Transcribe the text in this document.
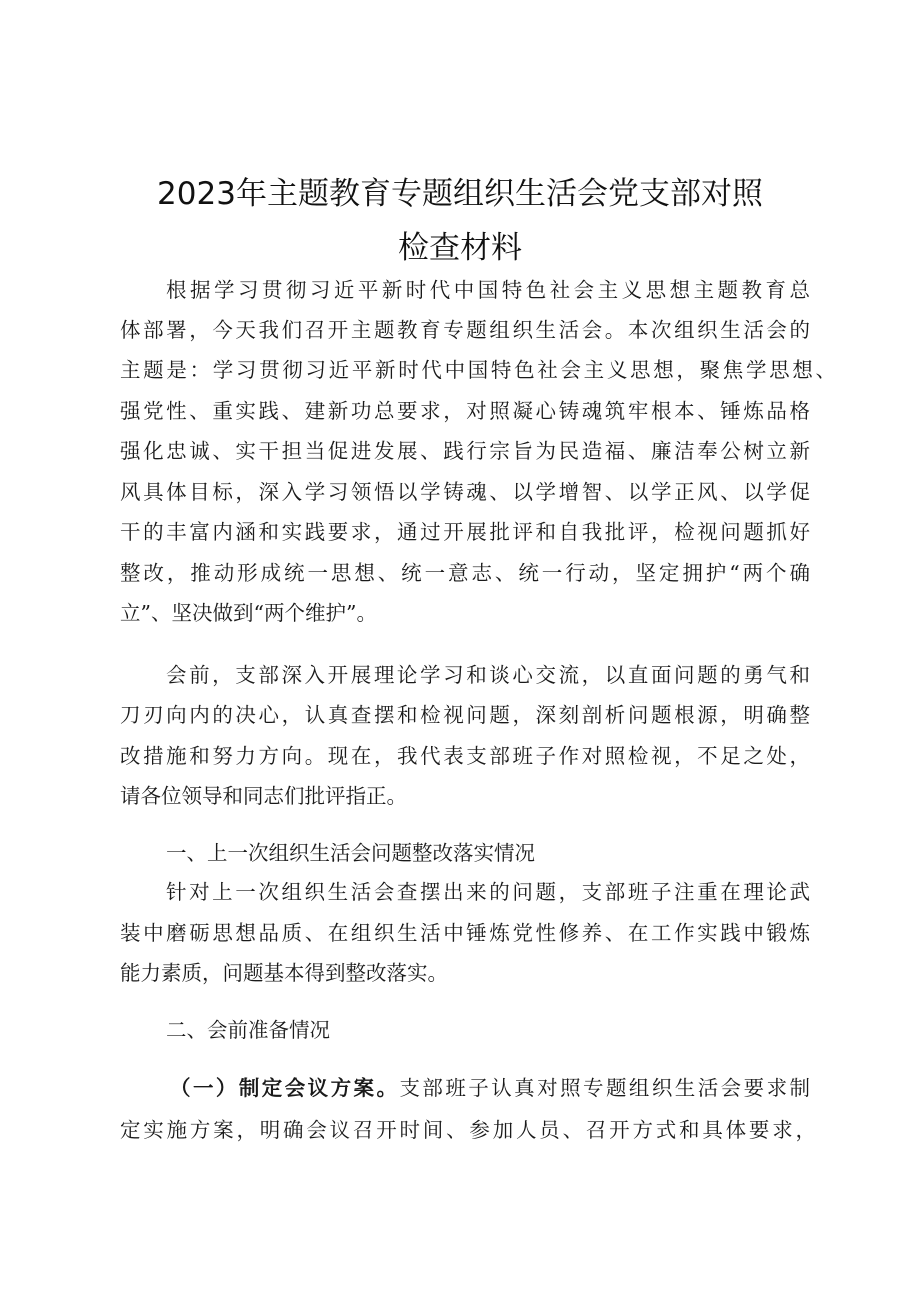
2023年主题教育专题组织生活会党支部对照
检查材料
根据学习贯彻习近平新时代中国特色社会主义思想主题教育总
体部署，今天我们召开主题教育专题组织生活会。本次组织生活会的
主题是：学习贯彻习近平新时代中国特色社会主义思想，聚焦学思想、
强党性、重实践、建新功总要求，对照凝心铸魂筑牢根本、锤炼品格
强化忠诚、实干担当促进发展、践行宗旨为民造福、廉洁奉公树立新
风具体目标，深入学习领悟以学铸魂、以学增智、以学正风、以学促
干的丰富内涵和实践要求，通过开展批评和自我批评，检视问题抓好
整改，推动形成统一思想、统一意志、统一行动，坚定拥护“两个确
立”、坚决做到“两个维护”。
会前，支部深入开展理论学习和谈心交流，以直面问题的勇气和
刀刃向内的决心，认真查摆和检视问题，深刻剖析问题根源，明确整
改措施和努力方向。现在，我代表支部班子作对照检视，不足之处，
请各位领导和同志们批评指正。
一、上一次组织生活会问题整改落实情况
针对上一次组织生活会查摆出来的问题，支部班子注重在理论武
装中磨砺思想品质、在组织生活中锤炼党性修养、在工作实践中锻炼
能力素质，问题基本得到整改落实。
二、会前准备情况
（一）制定会议方案。支部班子认真对照专题组织生活会要求制
定实施方案，明确会议召开时间、参加人员、召开方式和具体要求，
